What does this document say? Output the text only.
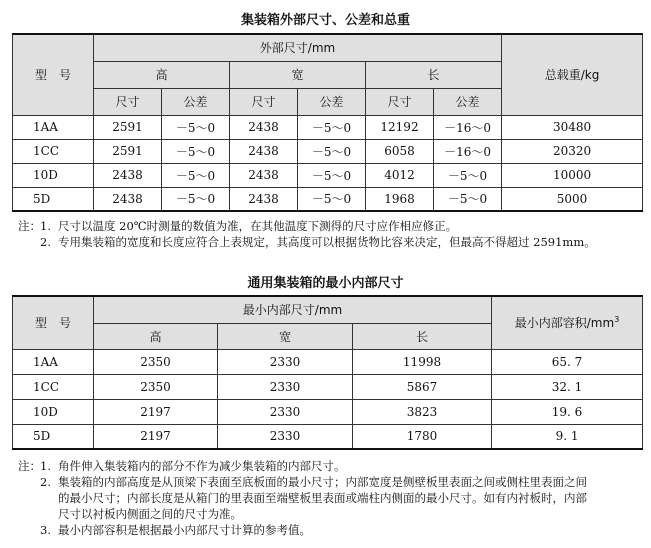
集装箱外部尺寸、公差和总重
型　号	外部尺寸/mm						总载重/kg
	高		宽		长		
	尺寸	公差	尺寸	公差	尺寸	公差	
1AA	2591	－5～0	2438	－5～0	12192	－16～0	30480
1CC	2591	－5～0	2438	－5～0	6058	－16～0	20320
10D	2438	－5～0	2438	－5～0	4012	－5～0	10000
5D	2438	－5～0	2438	－5～0	1968	－5～0	5000
注： 1. 尺寸以温度 20℃时测量的数值为准，在其他温度下测得的尺寸应作相应修正。
2. 专用集装箱的宽度和长度应符合上表规定，其高度可以根据货物比容来决定，但最高不得超过 2591mm。
通用集装箱的最小内部尺寸
型　号	最小内部尺寸/mm			最小内部容积$/mm^3$
	高	宽	长	
1AA	2350	2330	11998	65. 7
1CC	2350	2330	5867	32. 1
10D	2197	2330	3823	19. 6
5D	2197	2330	1780	9. 1
注： 1. 角件伸入集装箱内的部分不作为减少集装箱的内部尺寸。
2. 集装箱的内部高度是从顶梁下表面至底板面的最小尺寸；内部宽度是侧壁板里表面之间或侧柱里表面之间
的最小尺寸；内部长度是从箱门的里表面至端壁板里表面或端柱内侧面的最小尺寸。如有内衬板时，内部
尺寸以衬板内侧面之间的尺寸为准。
3. 最小内部容积是根据最小内部尺寸计算的参考值。
